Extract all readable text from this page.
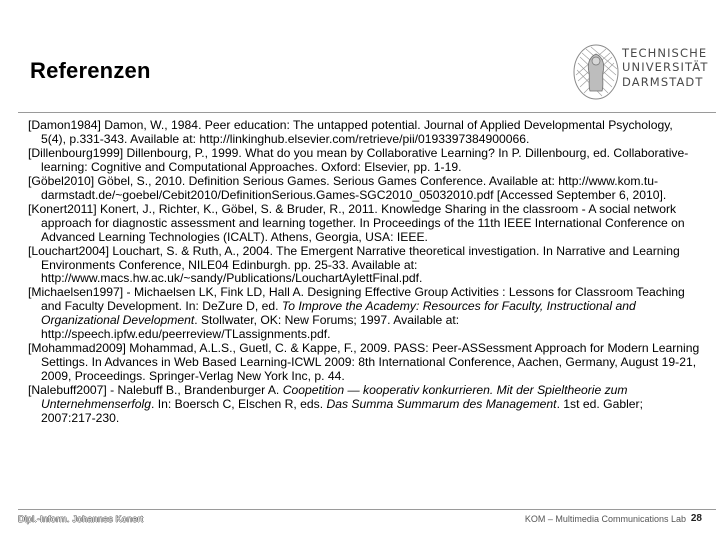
Referenzen
TECHNISCHE
UNIVERSITÄT
DARMSTADT
[Damon1984] Damon, W., 1984. Peer education: The untapped potential. Journal of Applied Developmental Psychology, 5(4), p.331-343. Available at: http://linkinghub.elsevier.com/retrieve/pii/0193397384900066.
[Dillenbourg1999] Dillenbourg, P., 1999. What do you mean by Collaborative Learning? In P. Dillenbourg, ed. Collaborative-learning: Cognitive and Computational Approaches. Oxford: Elsevier, pp. 1-19.
[Göbel2010] Göbel, S., 2010. Definition Serious Games. Serious Games Conference. Available at: http://www.kom.tu-darmstadt.de/~goebel/Cebit2010/DefinitionSerious.Games-SGC2010_05032010.pdf [Accessed September 6, 2010].
[Konert2011] Konert, J., Richter, K., Göbel, S. & Bruder, R., 2011. Knowledge Sharing in the classroom - A social network approach for diagnostic assessment and learning together. In Proceedings of the 11th IEEE International Conference on Advanced Learning Technologies (ICALT). Athens, Georgia, USA: IEEE.
[Louchart2004] Louchart, S. & Ruth, A., 2004. The Emergent Narrative theoretical investigation. In Narrative and Learning Environments Conference, NILE04 Edinburgh. pp. 25-33. Available at: http://www.macs.hw.ac.uk/~sandy/Publications/LouchartAylettFinal.pdf.
[Michaelsen1997] - Michaelsen LK, Fink LD, Hall A. Designing Effective Group Activities : Lessons for Classroom Teaching and Faculty Development. In: DeZure D, ed. To Improve the Academy: Resources for Faculty, Instructional and Organizational Development. Stollwater, OK: New Forums; 1997. Available at: http://speech.ipfw.edu/peerreview/TLassignments.pdf.
[Mohammad2009] Mohammad, A.L.S., Guetl, C. & Kappe, F., 2009. PASS: Peer-ASSessment Approach for Modern Learning Settings. In Advances in Web Based Learning-ICWL 2009: 8th International Conference, Aachen, Germany, August 19-21, 2009, Proceedings. Springer-Verlag New York Inc, p. 44.
[Nalebuff2007] - Nalebuff B., Brandenburger A. Coopetition — kooperativ konkurrieren. Mit der Spieltheorie zum Unternehmenserfolg. In: Boersch C, Elschen R, eds. Das Summa Summarum des Management. 1st ed. Gabler; 2007:217-230.
Dipl.-Inform. Johannes Konert	KOM – Multimedia Communications Lab 28
